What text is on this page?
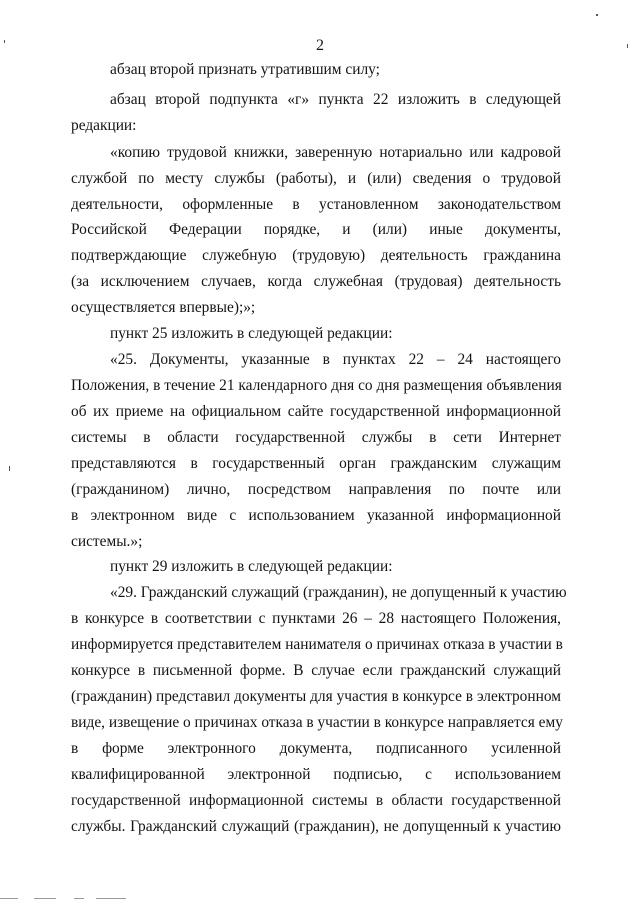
2
абзац второй признать утратившим силу;
абзац второй подпункта «г» пункта 22 изложить в следующей
редакции:
«копию трудовой книжки, заверенную нотариально или кадровой
службой по месту службы (работы), и (или) сведения о трудовой
деятельности, оформленные в установленном законодательством
Российской Федерации порядке, и (или) иные документы,
подтверждающие служебную (трудовую) деятельность гражданина
(за исключением случаев, когда служебная (трудовая) деятельность
осуществляется впервые);»;
пункт 25 изложить в следующей редакции:
«25. Документы, указанные в пунктах 22 – 24 настоящего
Положения, в течение 21 календарного дня со дня размещения объявления
об их приеме на официальном сайте государственной информационной
системы в области государственной службы в сети Интернет
представляются в государственный орган гражданским служащим
(гражданином) лично, посредством направления по почте или
в электронном виде с использованием указанной информационной
системы.»;
пункт 29 изложить в следующей редакции:
«29. Гражданский служащий (гражданин), не допущенный к участию
в конкурсе в соответствии с пунктами 26 – 28 настоящего Положения,
информируется представителем нанимателя о причинах отказа в участии в
конкурсе в письменной форме. В случае если гражданский служащий
(гражданин) представил документы для участия в конкурсе в электронном
виде, извещение о причинах отказа в участии в конкурсе направляется ему
в форме электронного документа, подписанного усиленной
квалифицированной электронной подписью, с использованием
государственной информационной системы в области государственной
службы. Гражданский служащий (гражданин), не допущенный к участию
